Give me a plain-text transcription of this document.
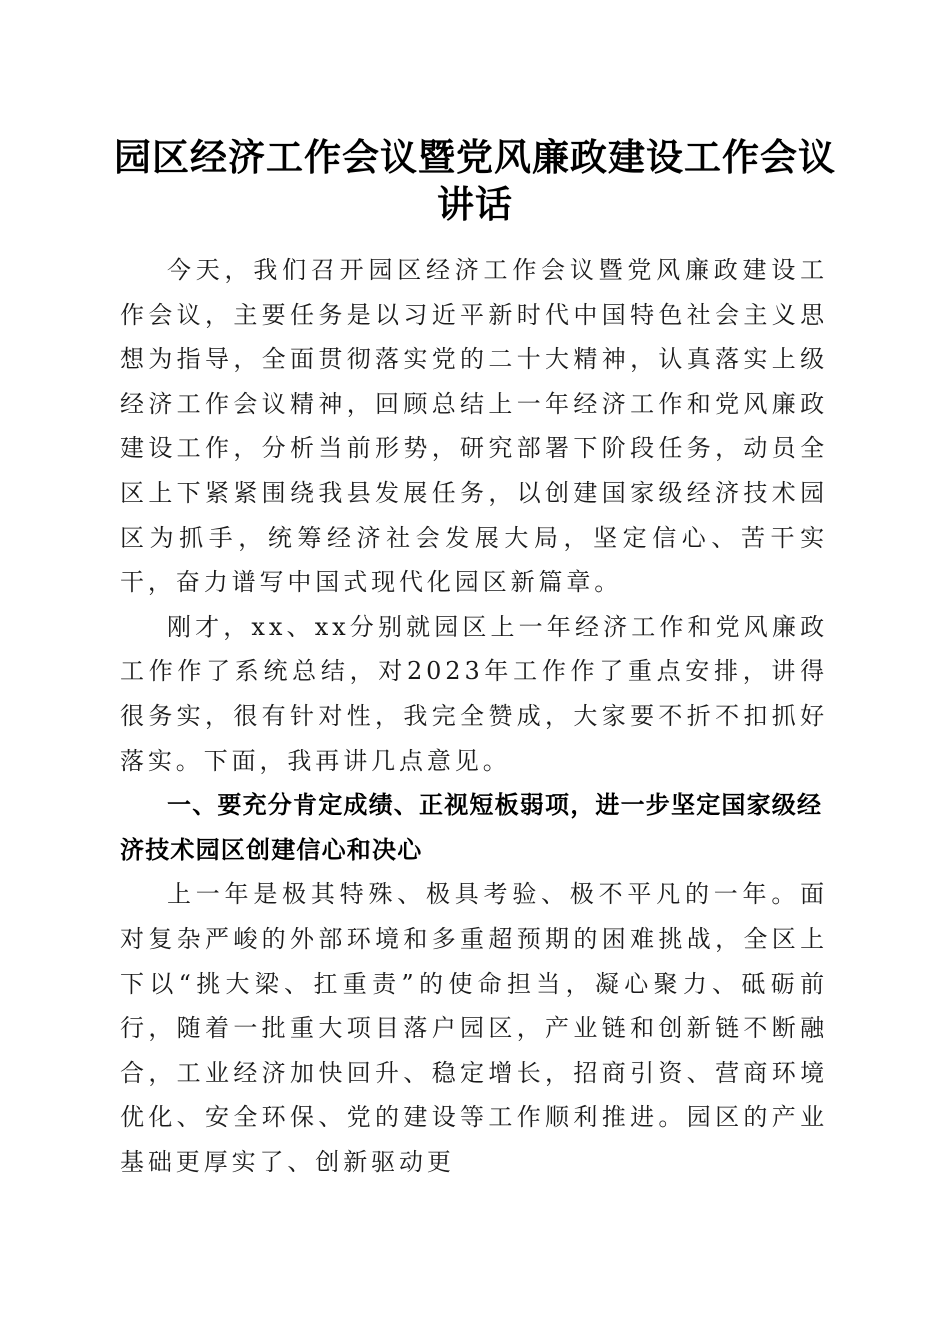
园区经济工作会议暨党风廉政建设工作会议讲话

今天，我们召开园区经济工作会议暨党风廉政建设工作会议，主要任务是以习近平新时代中国特色社会主义思想为指导，全面贯彻落实党的二十大精神，认真落实上级经济工作会议精神，回顾总结上一年经济工作和党风廉政建设工作，分析当前形势，研究部署下阶段任务，动员全区上下紧紧围绕我县发展任务，以创建国家级经济技术园区为抓手，统筹经济社会发展大局，坚定信心、苦干实干，奋力谱写中国式现代化园区新篇章。

刚才，xx、xx分别就园区上一年经济工作和党风廉政工作作了系统总结，对2023年工作作了重点安排，讲得很务实，很有针对性，我完全赞成，大家要不折不扣抓好落实。下面，我再讲几点意见。

一、要充分肯定成绩、正视短板弱项，进一步坚定国家级经济技术园区创建信心和决心

上一年是极其特殊、极具考验、极不平凡的一年。面对复杂严峻的外部环境和多重超预期的困难挑战，全区上下以“挑大梁、扛重责”的使命担当，凝心聚力、砥砺前行，随着一批重大项目落户园区，产业链和创新链不断融合，工业经济加快回升、稳定增长，招商引资、营商环境优化、安全环保、党的建设等工作顺利推进。园区的产业基础更厚实了、创新驱动更
